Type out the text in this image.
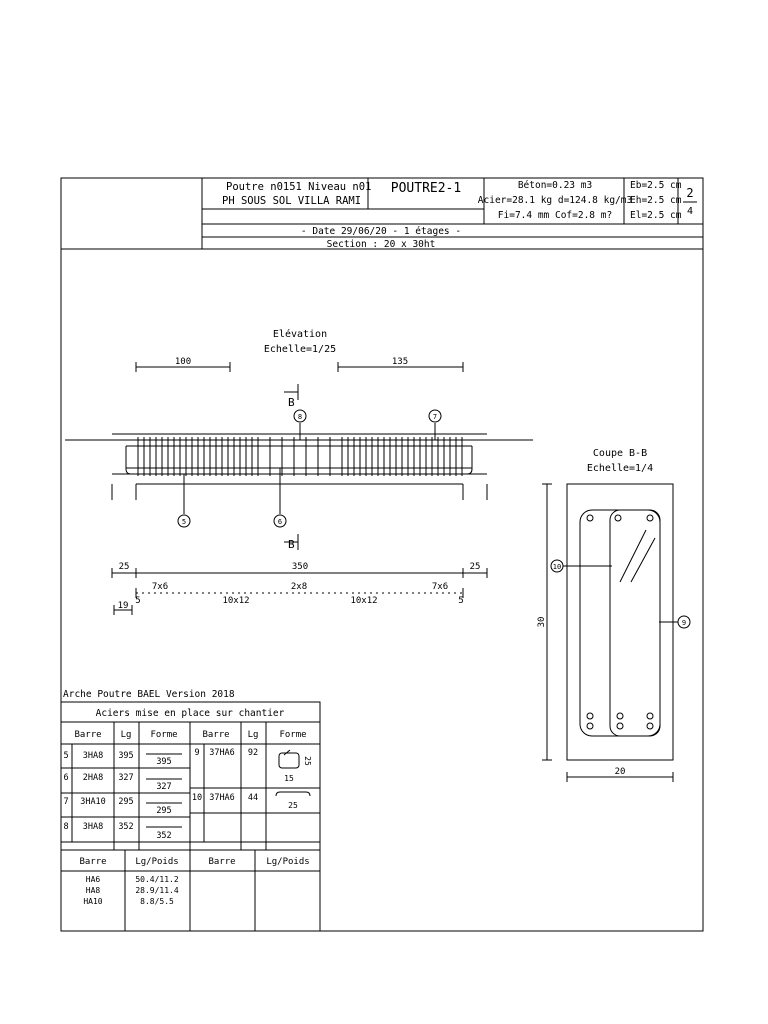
Poutre n0151 Niveau n01
PH SOUS SOL VILLA RAMI
POUTRE2-1	Béton=0.23 m3
Acier=28.1 kg d=124.8 kg/m3
Fi=7.4 mm Cof=2.8 m?
Eb=2.5 cm
Eh=2.5 cm
El=2.5 cm
2
4
- Date 29/06/20 - 1 étages -
Section : 20 x 30ht
Elévation
Echelle=1/25
100	135
B
B
8	7
5	6
25	350	25
7x6	2x8	7x6
10x12	10x12
5	5
19
Coupe B-B
Echelle=1/4
10
9
30
20
Arche Poutre BAEL Version 2018
Aciers mise en place sur chantier
Barre Lg Forme	Barre Lg Forme
5 3HA8 395
395
6 2HA8 327
327
7 3HA10 295
295
8 3HA8 352
352
9 37HA6 92
25
15
10 37HA6 44
25
Barre	Lg/Poids	Barre	Lg/Poids
HA6	50.4/11.2
HA8	28.9/11.4
HA10	8.8/5.5
